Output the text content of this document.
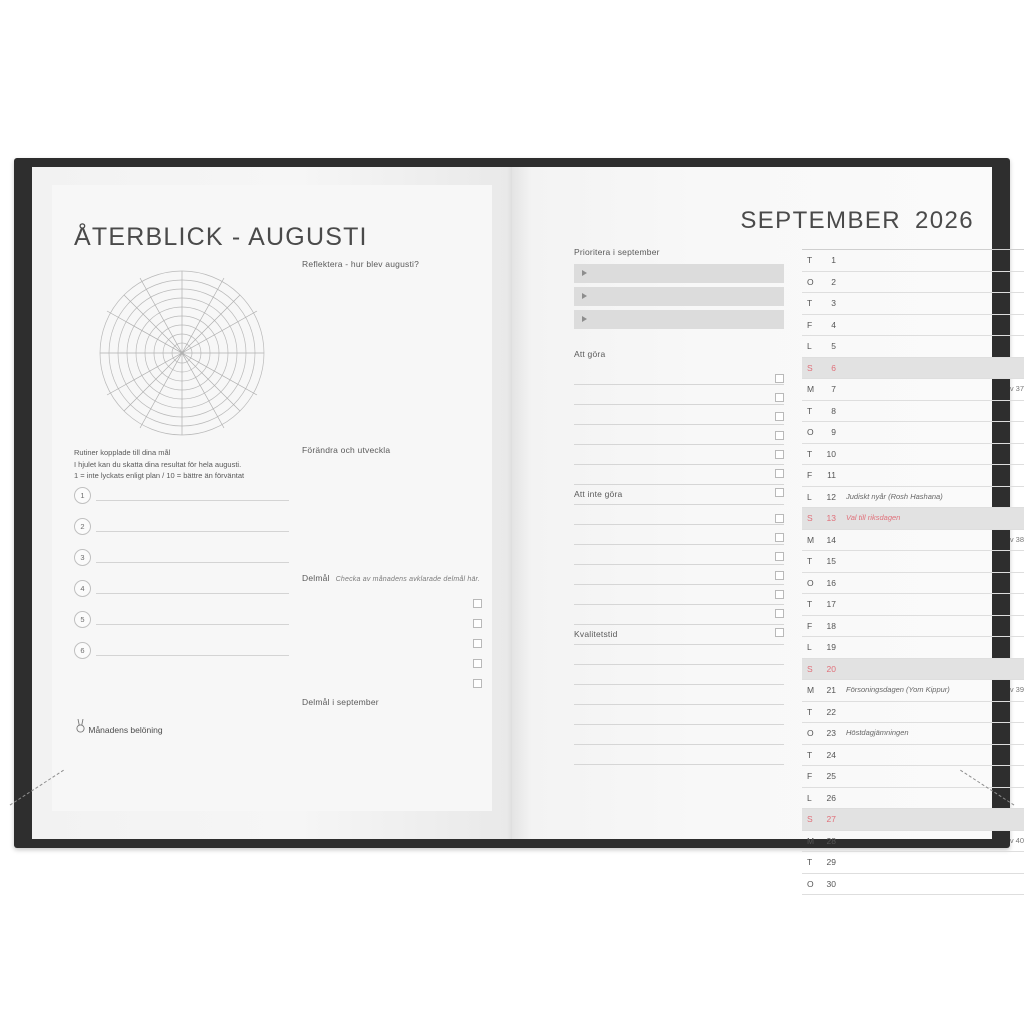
ÅTERBLICK - AUGUSTI
Rutiner kopplade till dina mål
I hjulet kan du skatta dina resultat för hela augusti.
1 = inte lyckats enligt plan / 10 = bättre än förväntat
1
2
3
4
5
6
Månadens belöning
Reflektera - hur blev augusti?
Förändra och utveckla
Delmål Checka av månadens avklarade delmål här.
Delmål i september
SEPTEMBER 2026
Prioritera i september
Att göra
Att inte göra
Kvalitetstid
T	1
O	2
T	3
F	4
L	5
S	6
M	7	v 37
T	8
O	9
T	10
F	11
L	12 Judiskt nyår (Rosh Hashana)
S	13 Val till riksdagen
M	14	v 38
T	15
O	16
T	17
F	18
L	19
S	20
M	21 Försoningsdagen (Yom Kippur)	v 39
T	22
O	23 Höstdagjämningen
T	24
F	25
L	26
S	27
M	28	v 40
T	29
O	30
